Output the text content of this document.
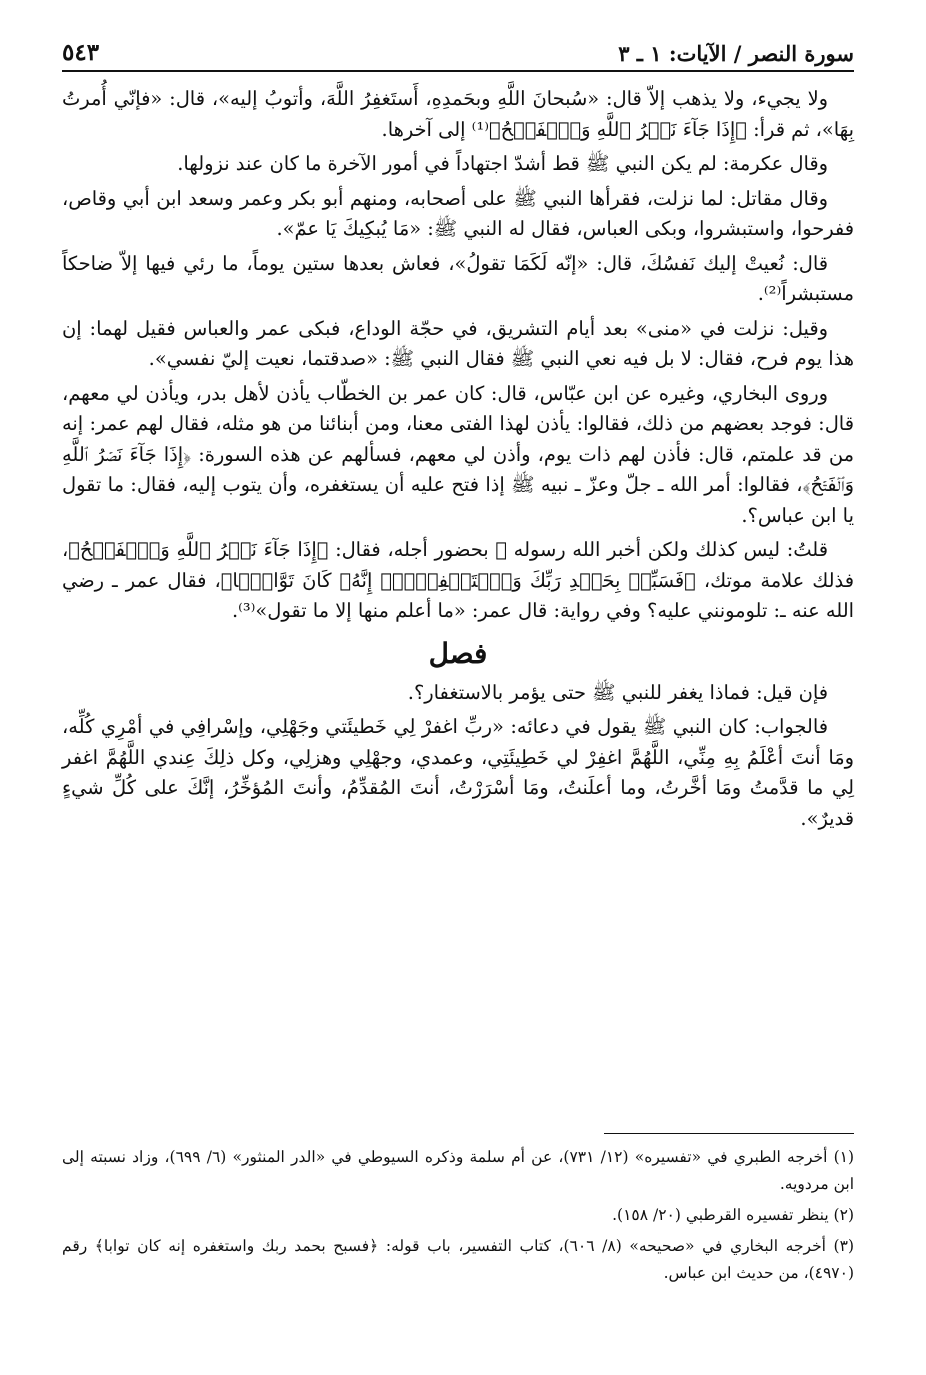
سورة النصر / الآيات: ١ ـ ٣
٥٤٣

ولا يجيء، ولا يذهب إلاّ قال: «سُبحانَ اللَّهِ وبحَمدِهِ، أَستَغفِرُ اللَّهَ، وأتوبُ إليه»، قال: «فإنّي أُمرتُ بِهَا»، ثم قرأ: ﴿إِذَا جَآءَ نَصۡرُ ٱللَّهِ وَٱلۡفَتۡحُ﴾⁽¹⁾ إلى آخرها.

وقال عكرمة: لم يكن النبي ﷺ قط أشدّ اجتهاداً في أمور الآخرة ما كان عند نزولها.

وقال مقاتل: لما نزلت، فقرأها النبي ﷺ على أصحابه، ومنهم أبو بكر وعمر وسعد ابن أبي وقاص، ففرحوا، واستبشروا، وبكى العباس، فقال له النبي ﷺ: «مَا يُبكِيكَ يَا عمّ».

قال: نُعيتْ إليك نَفسُكَ، قال: «إنّه لَكَمَا تقولُ»، فعاش بعدها ستين يوماً، ما رئي فيها إلاّ ضاحكاً مستبشراً⁽²⁾.

وقيل: نزلت في «منى» بعد أيام التشريق، في حجّة الوداع، فبكى عمر والعباس فقيل لهما: إن هذا يوم فرح، فقال: لا بل فيه نعي النبي ﷺ فقال النبي ﷺ: «صدقتما، نعيت إليّ نفسي».

وروى البخاري، وغيره عن ابن عبّاس، قال: كان عمر بن الخطّاب يأذن لأهل بدر، ويأذن لي معهم، قال: فوجد بعضهم من ذلك، فقالوا: يأذن لهذا الفتى معنا، ومن أبنائنا من هو مثله، فقال لهم عمر: إنه من قد علمتم، قال: فأذن لهم ذات يوم، وأذن لي معهم، فسألهم عن هذه السورة: ﴿إِذَا جَآءَ نَصۡرُ ٱللَّهِ وَٱلۡفَتۡحُ﴾، فقالوا: أمر الله ـ جلّ وعزّ ـ نبيه ﷺ إذا فتح عليه أن يستغفره، وأن يتوب إليه، فقال: ما تقول يا ابن عباس؟.

قلتُ: ليس كذلك ولكن أخبر الله رسوله ﷺ بحضور أجله، فقال: ﴿إِذَا جَآءَ نَصۡرُ ٱللَّهِ وَٱلۡفَتۡحُ﴾، فذلك علامة موتك، ﴿فَسَبِّحۡ بِحَمۡدِ رَبِّكَ وَٱسۡتَغۡفِرۡهُۚ إِنَّهُۥ كَانَ تَوَّابَۢا﴾، فقال عمر ـ رضي الله عنه ـ: تلومونني عليه؟ وفي رواية: قال عمر: «ما أعلم منها إلا ما تقول»⁽³⁾.

فصل

فإن قيل: فماذا يغفر للنبي ﷺ حتى يؤمر بالاستغفار؟.

فالجواب: كان النبي ﷺ يقول في دعائه: «ربِّ اغفرْ لِي خَطيئَتي وجَهْلِي، وإسْرافِي في أمْرِي كُلِّه، ومَا أنتَ أعْلَمُ بِهِ مِنِّي، اللَّهُمَّ اغفِرْ لي خَطِيئَتِي، وعمدي، وجهْلِي وهزلِي، وكل ذلِكَ عِندي اللَّهُمَّ اغفر لِي ما قدَّمتُ ومَا أخَّرتُ، وما أعلَنتُ، ومَا أسْرَرْتُ، أنتَ المُقدِّمُ، وأنتَ المُؤخِّرُ، إنَّكَ على كُلِّ شيءٍ قديرٌ».

(١) أخرجه الطبري في «تفسيره» (١٢/ ٧٣١)، عن أم سلمة وذكره السيوطي في «الدر المنثور» (٦/ ٦٩٩)، وزاد نسبته إلى ابن مردويه.

(٢) ينظر تفسيره القرطبي (٢٠/ ١٥٨).

(٣) أخرجه البخاري في «صحيحه» (٨/ ٦٠٦)، كتاب التفسير، باب قوله: ﴿فسبح بحمد ربك واستغفره إنه كان توابا﴾ رقم (٤٩٧٠)، من حديث ابن عباس.
